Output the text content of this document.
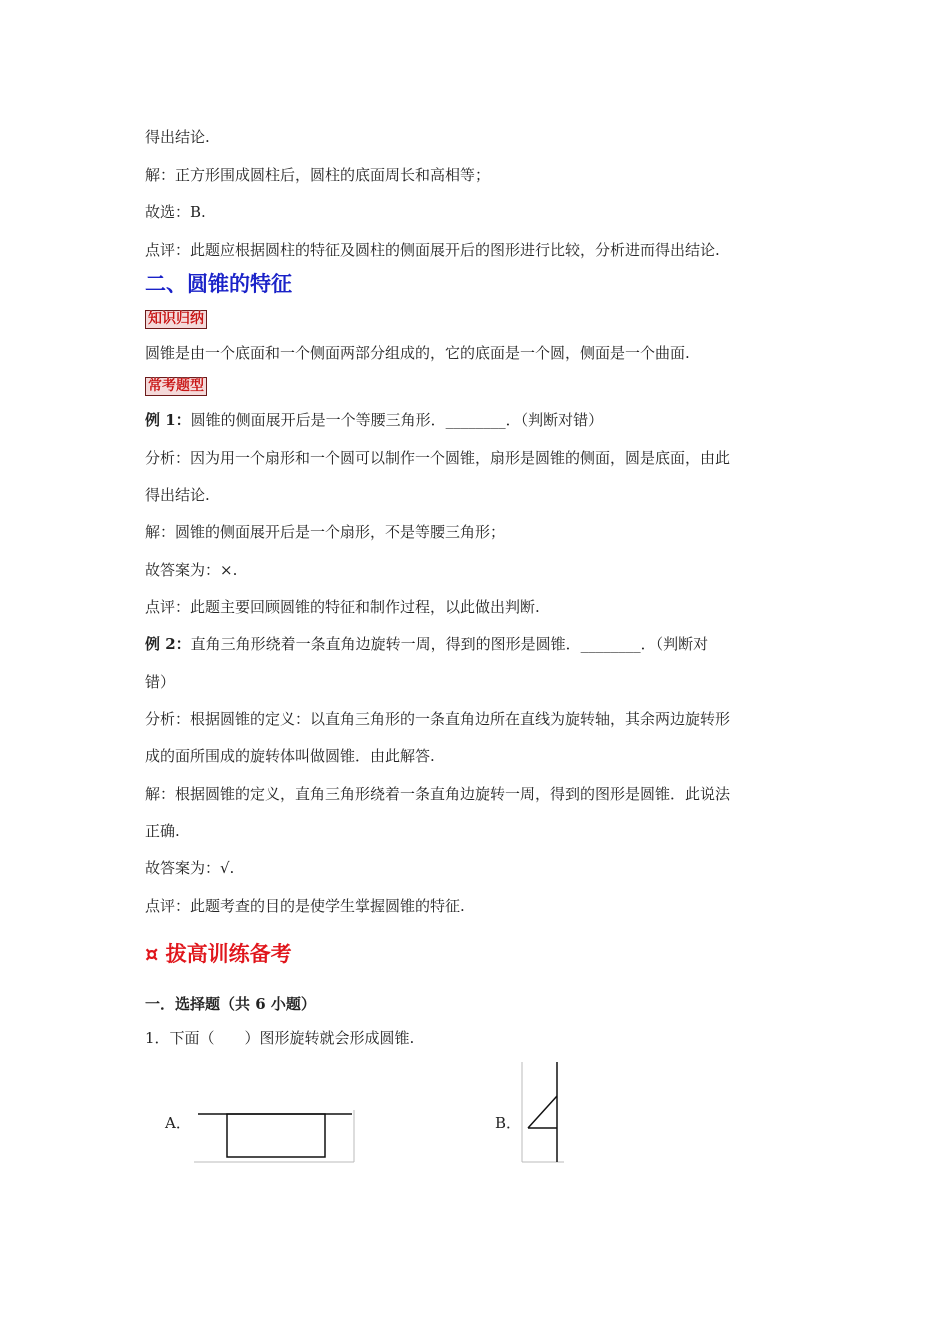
得出结论.
解：正方形围成圆柱后，圆柱的底面周长和高相等；
故选：B.
点评：此题应根据圆柱的特征及圆柱的侧面展开后的图形进行比较，分析进而得出结论.
二、圆锥的特征
知识归纳
圆锥是由一个底面和一个侧面两部分组成的，它的底面是一个圆，侧面是一个曲面.
常考题型
例 1：圆锥的侧面展开后是一个等腰三角形．________．（判断对错）
分析：因为用一个扇形和一个圆可以制作一个圆锥，扇形是圆锥的侧面，圆是底面，由此
得出结论.
解：圆锥的侧面展开后是一个扇形，不是等腰三角形；
故答案为：×.
点评：此题主要回顾圆锥的特征和制作过程，以此做出判断.
例 2：直角三角形绕着一条直角边旋转一周，得到的图形是圆锥．________．（判断对
错）
分析：根据圆锥的定义：以直角三角形的一条直角边所在直线为旋转轴，其余两边旋转形
成的面所围成的旋转体叫做圆锥．由此解答.
解：根据圆锥的定义，直角三角形绕着一条直角边旋转一周，得到的图形是圆锥．此说法
正确.
故答案为：√.
点评：此题考查的目的是使学生掌握圆锥的特征.
¤ 拔高训练备考
一．选择题（共 6 小题）
1．下面（　　）图形旋转就会形成圆锥.
A．	B．
